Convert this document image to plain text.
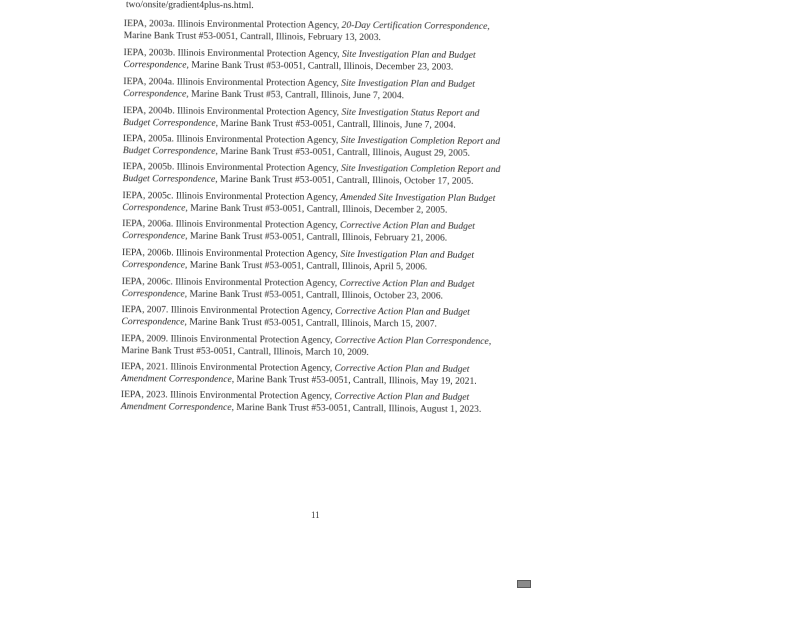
two/onsite/gradient4plus-ns.html.
IEPA, 2003a. Illinois Environmental Protection Agency, 20-Day Certification Correspondence,
Marine Bank Trust #53-0051, Cantrall, Illinois, February 13, 2003.
IEPA, 2003b. Illinois Environmental Protection Agency, Site Investigation Plan and Budget
Correspondence, Marine Bank Trust #53-0051, Cantrall, Illinois, December 23, 2003.
IEPA, 2004a. Illinois Environmental Protection Agency, Site Investigation Plan and Budget
Correspondence, Marine Bank Trust #53, Cantrall, Illinois, June 7, 2004.
IEPA, 2004b. Illinois Environmental Protection Agency, Site Investigation Status Report and
Budget Correspondence, Marine Bank Trust #53-0051, Cantrall, Illinois, June 7, 2004.
IEPA, 2005a. Illinois Environmental Protection Agency, Site Investigation Completion Report and
Budget Correspondence, Marine Bank Trust #53-0051, Cantrall, Illinois, August 29, 2005.
IEPA, 2005b. Illinois Environmental Protection Agency, Site Investigation Completion Report and
Budget Correspondence, Marine Bank Trust #53-0051, Cantrall, Illinois, October 17, 2005.
IEPA, 2005c. Illinois Environmental Protection Agency, Amended Site Investigation Plan Budget
Correspondence, Marine Bank Trust #53-0051, Cantrall, Illinois, December 2, 2005.
IEPA, 2006a. Illinois Environmental Protection Agency, Corrective Action Plan and Budget
Correspondence, Marine Bank Trust #53-0051, Cantrall, Illinois, February 21, 2006.
IEPA, 2006b. Illinois Environmental Protection Agency, Site Investigation Plan and Budget
Correspondence, Marine Bank Trust #53-0051, Cantrall, Illinois, April 5, 2006.
IEPA, 2006c. Illinois Environmental Protection Agency, Corrective Action Plan and Budget
Correspondence, Marine Bank Trust #53-0051, Cantrall, Illinois, October 23, 2006.
IEPA, 2007. Illinois Environmental Protection Agency, Corrective Action Plan and Budget
Correspondence, Marine Bank Trust #53-0051, Cantrall, Illinois, March 15, 2007.
IEPA, 2009. Illinois Environmental Protection Agency, Corrective Action Plan Correspondence,
Marine Bank Trust #53-0051, Cantrall, Illinois, March 10, 2009.
IEPA, 2021. Illinois Environmental Protection Agency, Corrective Action Plan and Budget
Amendment Correspondence, Marine Bank Trust #53-0051, Cantrall, Illinois, May 19, 2021.
IEPA, 2023. Illinois Environmental Protection Agency, Corrective Action Plan and Budget
Amendment Correspondence, Marine Bank Trust #53-0051, Cantrall, Illinois, August 1, 2023.
11
